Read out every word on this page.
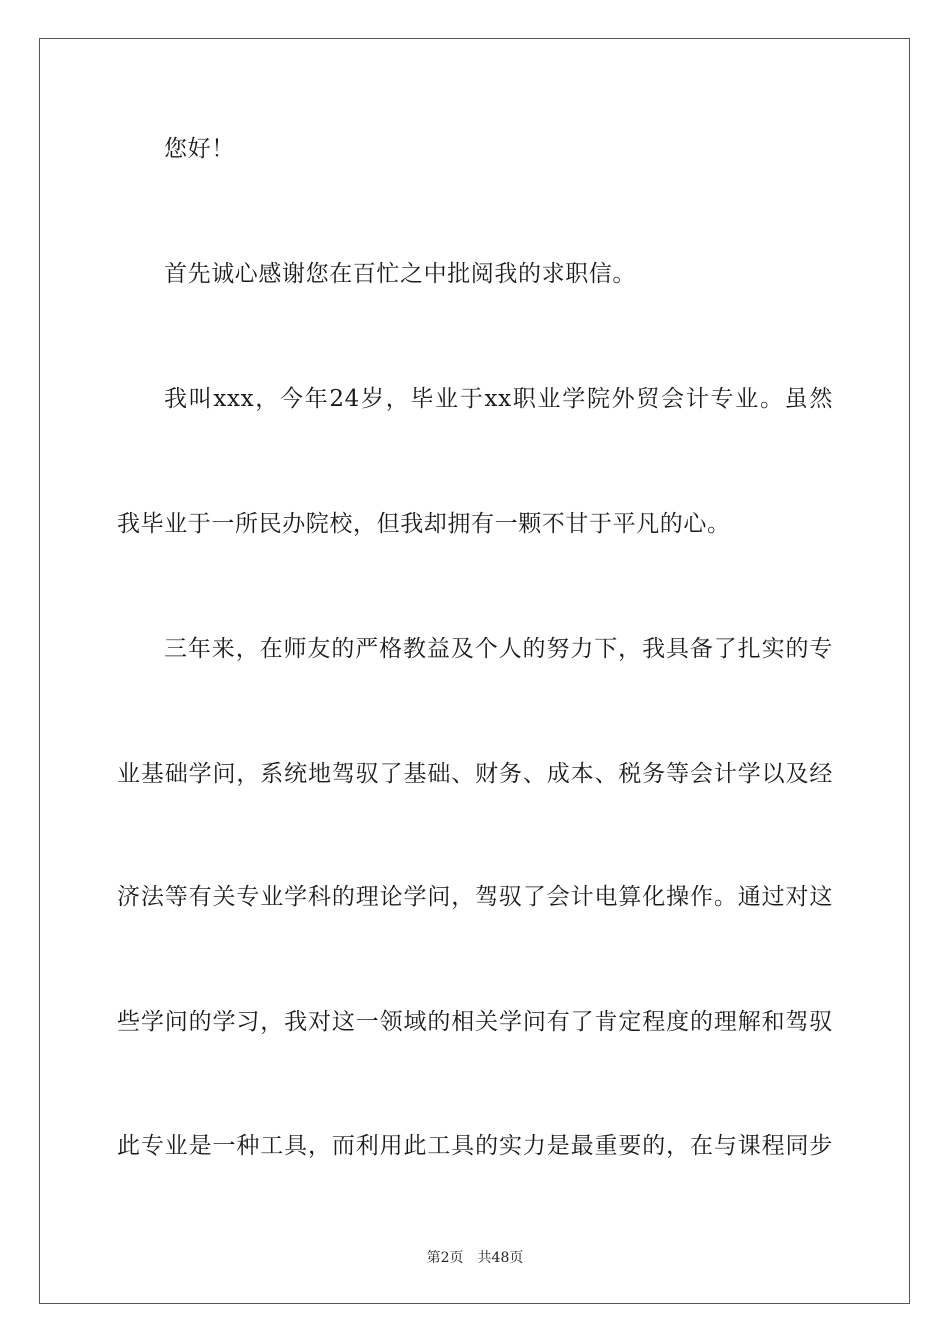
您好！
首先诚心感谢您在百忙之中批阅我的求职信。
我叫xxx，今年24岁，毕业于xx职业学院外贸会计专业。虽然
我毕业于一所民办院校，但我却拥有一颗不甘于平凡的心。
三年来，在师友的严格教益及个人的努力下，我具备了扎实的专
业基础学问，系统地驾驭了基础、财务、成本、税务等会计学以及经
济法等有关专业学科的理论学问，驾驭了会计电算化操作。通过对这
些学问的学习，我对这一领域的相关学问有了肯定程度的理解和驾驭
此专业是一种工具，而利用此工具的实力是最重要的，在与课程同步
第2页 共48页
